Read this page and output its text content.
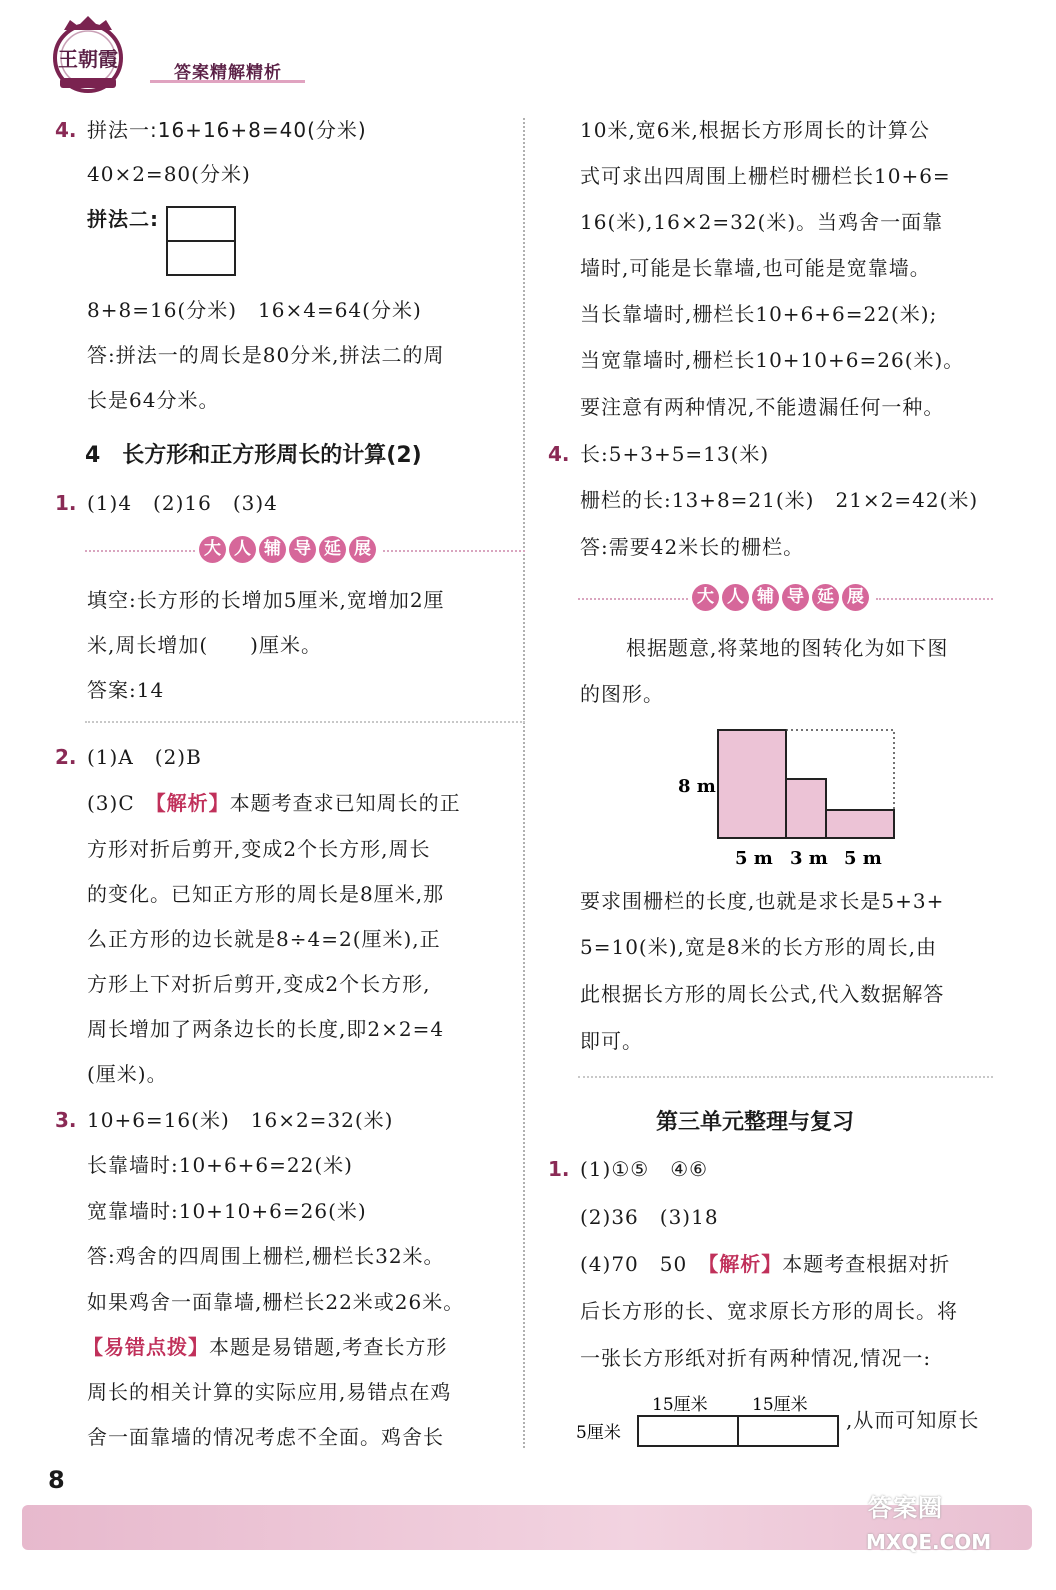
王朝霞
答案精解精析
4. 拼法一:16+16+8=40(分米)
40×2=80(分米)
拼法二:
8+8=16(分米)　16×4=64(分米)
答:拼法一的周长是80分米,拼法二的周
长是64分米。
4　长方形和正方形周长的计算(2)
1. (1)4　(2)16　(3)4
大 人 辅 导 延 展
填空:长方形的长增加5厘米,宽增加2厘
米,周长增加(　　)厘米。
答案:14
2. (1)A　(2)B
(3)C　【解析】本题考查求已知周长的正
方形对折后剪开,变成2个长方形,周长
的变化。已知正方形的周长是8厘米,那
么正方形的边长就是8÷4=2(厘米),正
方形上下对折后剪开,变成2个长方形,
周长增加了两条边长的长度,即2×2=4
(厘米)。
3. 10+6=16(米)　16×2=32(米)
长靠墙时:10+6+6=22(米)
宽靠墙时:10+10+6=26(米)
答:鸡舍的四周围上栅栏,栅栏长32米。
如果鸡舍一面靠墙,栅栏长22米或26米。
【易错点拨】本题是易错题,考查长方形
周长的相关计算的实际应用,易错点在鸡
舍一面靠墙的情况考虑不全面。鸡舍长
10米,宽6米,根据长方形周长的计算公
式可求出四周围上栅栏时栅栏长10+6=
16(米),16×2=32(米)。当鸡舍一面靠
墙时,可能是长靠墙,也可能是宽靠墙。
当长靠墙时,栅栏长10+6+6=22(米);
当宽靠墙时,栅栏长10+10+6=26(米)。
要注意有两种情况,不能遗漏任何一种。
4. 长:5+3+5=13(米)
栅栏的长:13+8=21(米)　21×2=42(米)
答:需要42米长的栅栏。
大 人 辅 导 延 展
根据题意,将菜地的图转化为如下图
的图形。
8 m
5 m 3 m 5 m
要求围栅栏的长度,也就是求长是5+3+
5=10(米),宽是8米的长方形的周长,由
此根据长方形的周长公式,代入数据解答
即可。
第三单元整理与复习
1. (1)①⑤　④⑥
(2)36　(3)18
(4)70　50　【解析】本题考查根据对折
后长方形的长、宽求原长方形的周长。将
一张长方形纸对折有两种情况,情况一:
15厘米	15厘米
5厘米
,从而可知原长
8
答案圈
MXQE.COM
